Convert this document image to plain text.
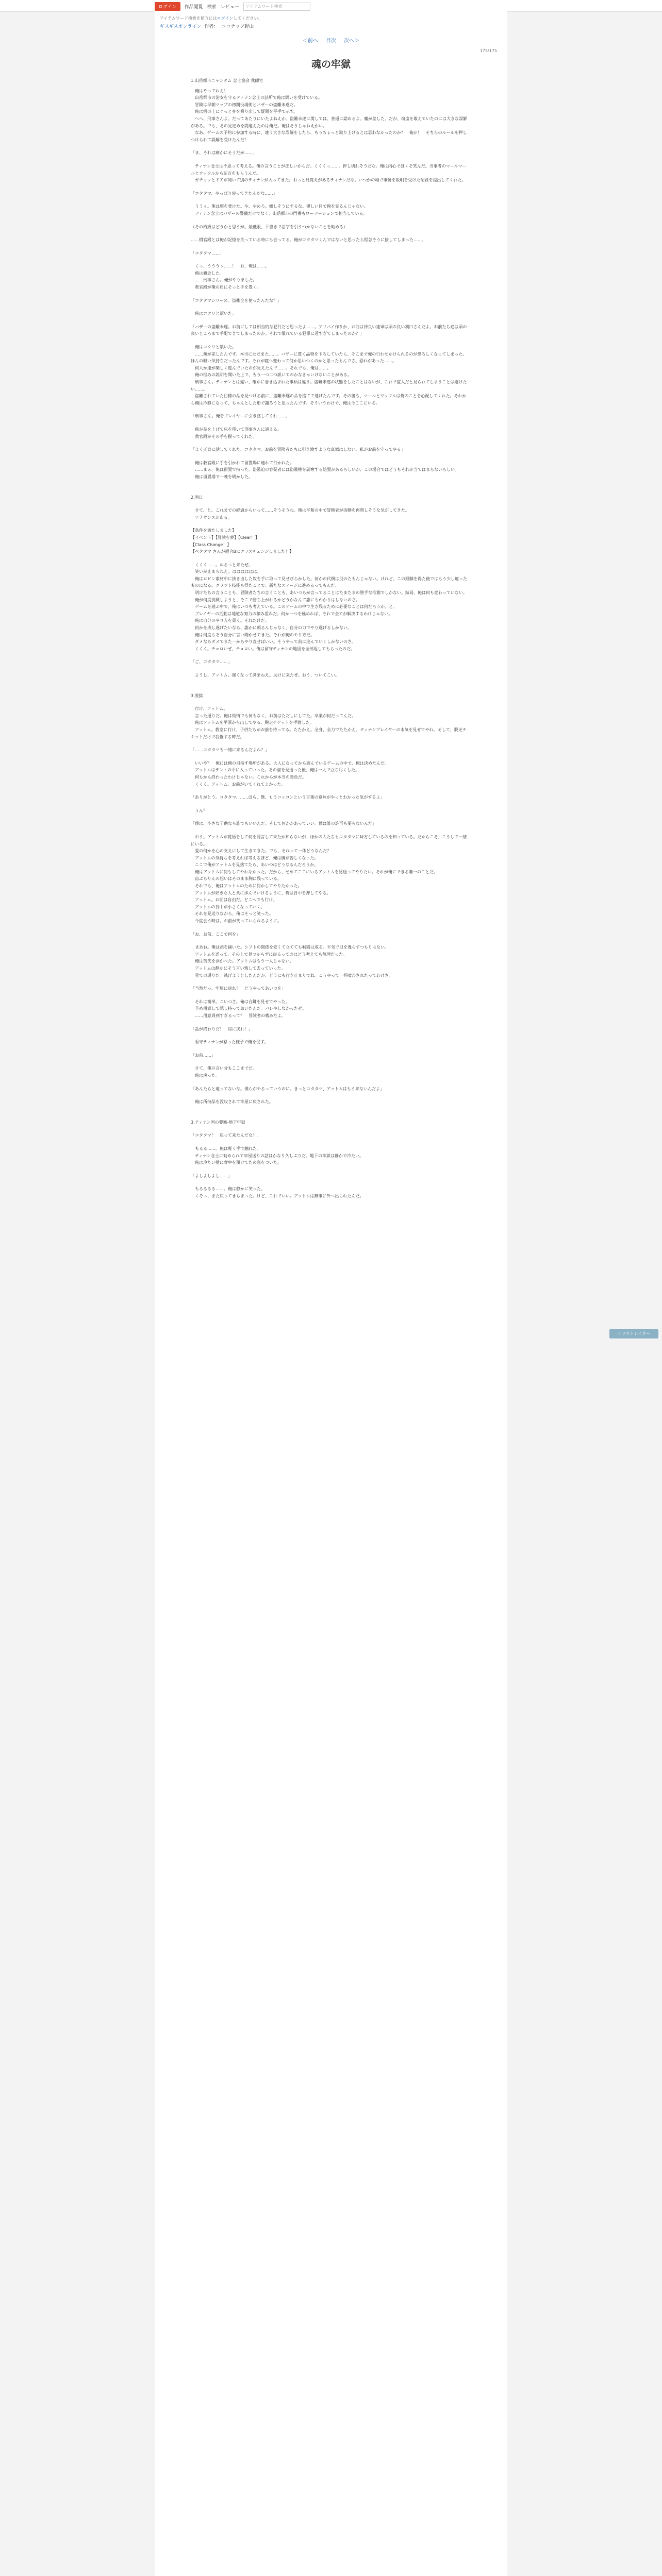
ログイン	作品閲覧 検索 レビュー	アイテムワード検索
アイテムワード検索を使うにはログインしてください。
ギスギスオンライン 作者： ココナッツ野山
＜前へ 目次 次へ＞
175/175
魂の牢獄

1.山岳都市ニャンダム 念士協会 我師室

　俺はやってねえ！
　山岳都市の治安を守るティナン念士の詰所で俺は問いを受けている。
　冒険は早朝マップの初期役場街とバザーの盗難未遂だ。
　俺は机の上にぐっと身を乗り出して疑問を平手で示す。
　ヘヘ、刑事さんよ。だってあたりにいたよねえか。盗難未遂に関しては、普通に認めるよ。魔が差した。だが、窃盗を敢えていたのには大きな誤解がある。でも、その見定めを間違えたのは俺だ。俺はそうじゃねえかい。
　なあ、ゲームの予約に参加する時に、違う大きな誤解をしたら、もうちょっと取り上げるとは思わなかったのか？　俺が！　そちらのルールを押しつけられて誤解を受けたんだ！

「ま、それは痛かにそうだが……」

　ティナン念士は不思って考える。俺の言うことが正しいからだ。くくくっ……。押し切れそうだな。俺は内心でほくそ笑んだ。当事者のマールマールとワッフルから証言をもらうんだ。
　ガチャッとドアが開いて別のティナンが入ってきた。おっと見覚えがあるティナンだな。いつかの場で事情を説明を受けた記録を提出してくれた。

「コタタマ、やっぱり戻ってきたんだな……」

　ううぅ。俺は顔を背けた。や、やめろ。嫌しそうにするな。優しい目で俺を見るんじゃない。
　ティナン念士はバザーの警備だけでなく、山岳都市の門番もローテーションで担当している。

（その梅級はどうかと思うが。最低限、下書きで活字を引うつかないことを勧める）

……慣官殿とは俺が記憶を失っている時にも会ってる。俺がコタタマくんではないと思ったら程怎そうに接してしまった……。

「コタタマ……」

　くっ、うううぅ……！　お、俺は……。
　俺は観念した。
　……刑事さん。俺がやりました。
　教官殿が俺の肩にそっと手を置く。

「コタタマシリーズ。盗難全を使ったんだな？」

　俺はコクリと頷いた。

「バザーの盗難未遂。お前にしては相当的な犯行だと思ったよ……。アリバイ作りか、お前は仲良い達軍は頭の良い利口さんだよ。お前たち追は頭の良いところまで手配できてしまったのか。それで慣れている犯罪に近すぎてしまったのか？」

　俺はコクリと頷いた。
　……幾が差したんです。本当にただまた……。バザーに置く品物を下ろしていたら、そこまで俺の行わせかけられるのが恐ろしくなってしまった。ほんの軽い気持ちだったんです。それが寝へ変わって何か思いつくのかと思ったもんでさ。恐れがあった……。
　何人か達が楽しく遊んでいたのが見えたんで……。それでも、俺は……。
　俺の悩みの説明を聞いた上で、もう一つ二つ訊いておかなきゃいけないことがある。
　刑事さん。ティナンとは違い、確かに巻き込まれた事柄は違う。盗難未遂の状態をしたことはないが、これで盗人だと見られてしまうことは避けたい……。
　盗難されていた目標の品を見つける前に、盗難未遂の品を捨てて逃げたんです。その後も、マールとワッフルは俺のことを心配してくれた。それから俺は冷静になって、ちゃんとした形で謝ろうと思ったんです。そういうわけで、俺は今ここにいる。

「刑事さん。俺をプレイヤーに引き渡してくれ……」

　俺が拳を上げて床を叩いて刑事さんに訴える。
　教官殿がその手を握ってくれた。

「よく正直に話してくれた、コタタマ。お前を冒険者たちに引き渡すような真似はしない。私がお前を守ってやる」

　俺は教官殿に手を引かれて留置場に連れて行かれた。
　……まぁ、俺は留置で持った。盗難迫の容疑者には盗難権を剥奪する処置があるらしいが、この場合ではどうもそれが当てはまらないらしい。
　俺は留置場で一晩を明かした。

2.固日

　さて、と。これまでの経過からいって……そうそうね。俺は平和の中で冒険者が活動を再開しそうな気がしてきた。
　アナウンスがある。

【条件を満たしました】
【イベント】【冒険を夢】【Clear！】
【Class Change！】
【ペタタマ さんが超合Bにクラスチェンジしました！】

　くくく……。ぬるっと来たぜ。
　笑いが止まらねえ。はははははは。
　俺はロビン素材中に抜き出した奴を手に取って見せびらかした。何かの代償は別のたもんじゃない。けれど、この経験を得た後ではもう少し違ったものになる。クラフト技能も得たことで、新たなステージに進めるってもんだ。
　明けたちの言うことも、冒険者たちの言うことも、あいつらが言ってることはたまたまの勝手な推測でしかない。結局、俺は何も変わっていない。
　俺が何度挑戦しようと、そこで勝ち上がれるかどうかなんて誰にもわかりはしないのさ。
　ゲームを遊ぶ中で、俺はいつも考えている。このゲームの中で生き残るために必要なことは何だろうか、と。
　プレイヤーの活動は地道な努力の積み重ねだ。何か一つを極めれば、それで全てが解決するわけじゃない。
　俺は自分のやり方を貫く。それだけだ。
　何かを成し遂げたいなら、誰かに頼るんじゃなく、自分の力でやり遂げるしかない。
　俺は何度もそう自分に言い聞かせてきた。それが俺のやり方だ。
　ダメならダメでまた一からやり直せばいい。そうやって前に進んでいくしかないのさ。
　くくく。チョロいぜ、チョロい。俺は留守ティナンの地図を全部返してもらったのだ。

「ご、コタタマ……」

　ようし、アットム。遅くなって済まねえ。助けに来たぜ。おう、ついてこい。

3.脱獄

　行け、アットム。
　言った通りだ。俺は純情でも何もなく、お前はただしにしてた。卒業が何だってんだ。
　俺はアットムを平原から出してやる。脱走チケットを手渡した。
　アットム。教室に行け。子供たちがお前を待ってる。たたかえ。全身、全力でたたかえ。ティナンプレイヤーの本気を見せてやれ。そして、脱走チケットだけで我慢する時だ。

「……コタタマも一緒に来るんだよね？」

　いいや？　俺には俺の目指す場所がある。大人になってから遊んでいるゲームの中で、俺は決めたんだ。
　アットムはテントの中に入っていった。その姿を見送った後、俺は一人で立ち尽くした。
　何もかも終わったわけじゃない。これからが本当の勝負だ。
　くくく。アットム。お前がいてくれてよかった。

「ありがとう。コタタマ。……ほら、僕、もうコッコンという言葉の意味がやっとわかった気がするよ」

　うん？

「僕は、小さな子供なら誰でもいいんだ。そして何かがあっていい。僕は誰の許可も要らないんだ」

　おう。アットムが覚悟をして何を発言して来たか知らないが、ほかの人たちもコタタマに味方しているのを知っている。だからこそ、こうして一緒にいる。
　愛の何かを心の支えにして生きてきた。でも、それって一体どうなんだ？
　アットムの気持ちを考えれば考えるほど、俺は胸が苦しくなった。
　ここで俺がアットムを見捨てたら、あいつはどうなるんだろうか。
　俺はアットムに何もしてやれなかった。だから、せめてここにいるアットムを見送ってやりたい。それが俺にできる唯一のことだ。
　宙ぶらりんの想いはそのまま胸に残っている。
　それでも、俺はアットムのために何かしてやりたかった。
　アットムが好きな人と共に歩んでいけるように、俺は背中を押してやる。
　アットム。お前は自由だ。どこへでも行け。
　アットムの背中が小さくなっていく。
　それを見送りながら、俺はそっと笑った。
　今度会う時は、お前が笑っていられるように。

「お、お前、ここで何を」

　まあね。俺は頭を掻いた。シフトの関係を安くて立てても戦闘は成る。平気で目を逸らすつもりはない。
　アットムを送って、その上で見つからずに戻るってのはどう考えても無理だった。
　俺は苦笑を浮かべた。アットムはもう一人じゃない。
　アットムは静かにそう言い残して去っていった。
　見ての通りだ。逃げようとしたんだが、どうにも行き止まりでね。こうやって一杯喰わされたってわけさ。

「当然だっ、牢屋に戻れ！　どうやってあいつを」

　それは簡単。こいつさ。俺は合鍵を見せてやった。
　予め用意して隠し持っておいたんだ。バレやしなかったぜ。
　……用意周到すぎるって？　冒険者の嗜みだよ。

「話が終わりだ！　房に戻れ！」

　看守ティナンが怒った様子で俺を促す。

「お前……」

　さて、俺の言い分もここまでだ。
　俺は戻った。

「あんたらと違ってないな。僕らがやるっていうのに。きっとコタタマ、アットムはもう来ないんだよ」

　俺は所持品を没収されて牢屋に戻された。

3.ティナン国の要塞-地下牢獄

「コタタマ！　戻って来たんだな！」

　もるる……。俺は軽く手で触れた。
　ティナン念士に勧められて牢屋送りの話はかなり久しぶりだ。地下の牢獄は静かで冷たい。
　俺は冷たい壁に背中を預けてため息をついた。

「よしよしよし……」

　もるるるる……。俺は静かに笑った。
　くそっ、また戻ってきちまった。けど、これでいい。アットムは無事に外へ出られたんだ。

イラストレイター
